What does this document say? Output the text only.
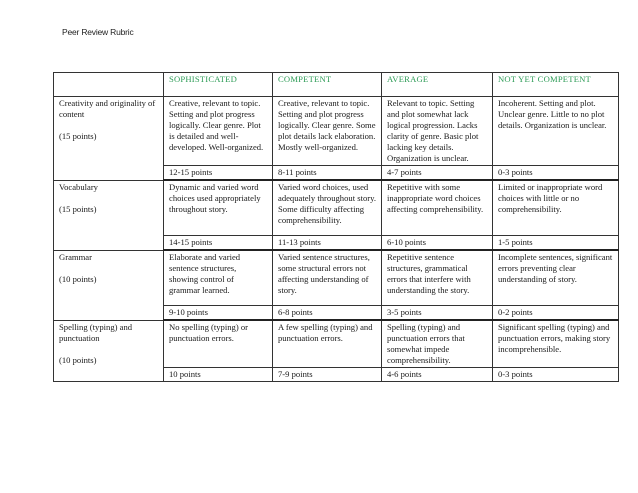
Peer Review Rubric
	SOPHISTICATED	COMPETENT	AVERAGE	NOT YET COMPETENT
Creativity and originality of content
(15 points)	Creative, relevant to topic. Setting and plot progress logically. Clear genre. Plot is detailed and well-developed. Well-organized.	Creative, relevant to topic. Setting and plot progress logically. Clear genre. Some plot details lack elaboration. Mostly well-organized.	Relevant to topic. Setting and plot somewhat lack logical progression. Lacks clarity of genre. Basic plot lacking key details. Organization is unclear.	Incoherent. Setting and plot. Unclear genre. Little to no plot details. Organization is unclear.
	12-15 points	8-11 points	4-7 points	0-3 points
Vocabulary
(15 points)	Dynamic and varied word choices used appropriately throughout story.	Varied word choices, used adequately throughout story. Some difficulty affecting comprehensibility.	Repetitive with some inappropriate word choices affecting comprehensibility.	Limited or inappropriate word choices with little or no comprehensibility.
	14-15 points	11-13 points	6-10 points	1-5 points
Grammar
(10 points)	Elaborate and varied sentence structures, showing control of grammar learned.	Varied sentence structures, some structural errors not affecting understanding of story.	Repetitive sentence structures, grammatical errors that interfere with understanding the story.	Incomplete sentences, significant errors preventing clear understanding of story.
	9-10 points	6-8 points	3-5 points	0-2 points
Spelling (typing) and punctuation
(10 points)	No spelling (typing) or punctuation errors.	A few spelling (typing) and punctuation errors.	Spelling (typing) and punctuation errors that somewhat impede comprehensibility.	Significant spelling (typing) and punctuation errors, making story incomprehensible.
	10 points	7-9 points	4-6 points	0-3 points
